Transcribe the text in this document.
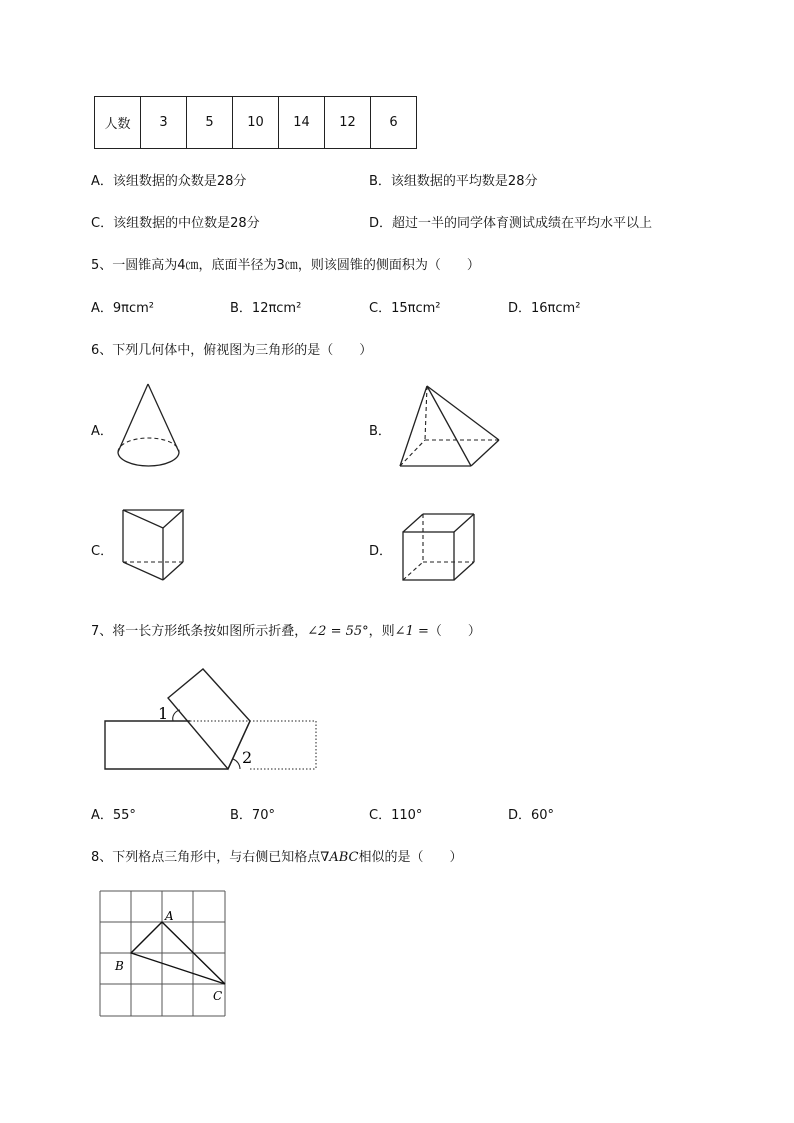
人数	3	5	10	14	12	6
A．该组数据的众数是28分	B．该组数据的平均数是28分
C．该组数据的中位数是28分	D．超过一半的同学体育测试成绩在平均水平以上
5、一圆锥高为4㎝，底面半径为3㎝，则该圆锥的侧面积为（　　）
A．9πcm²	B．12πcm²	C．15πcm²	D．16πcm²
6、下列几何体中，俯视图为三角形的是（　　）
A．	B．
C．	D．
7、将一长方形纸条按如图所示折叠，∠2 = 55°，则∠1 =（　　）
1
2
A．55°	B．70°	C．110°	D．60°
8、下列格点三角形中，与右侧已知格点∇ABC相似的是（　　）
A
B
C
